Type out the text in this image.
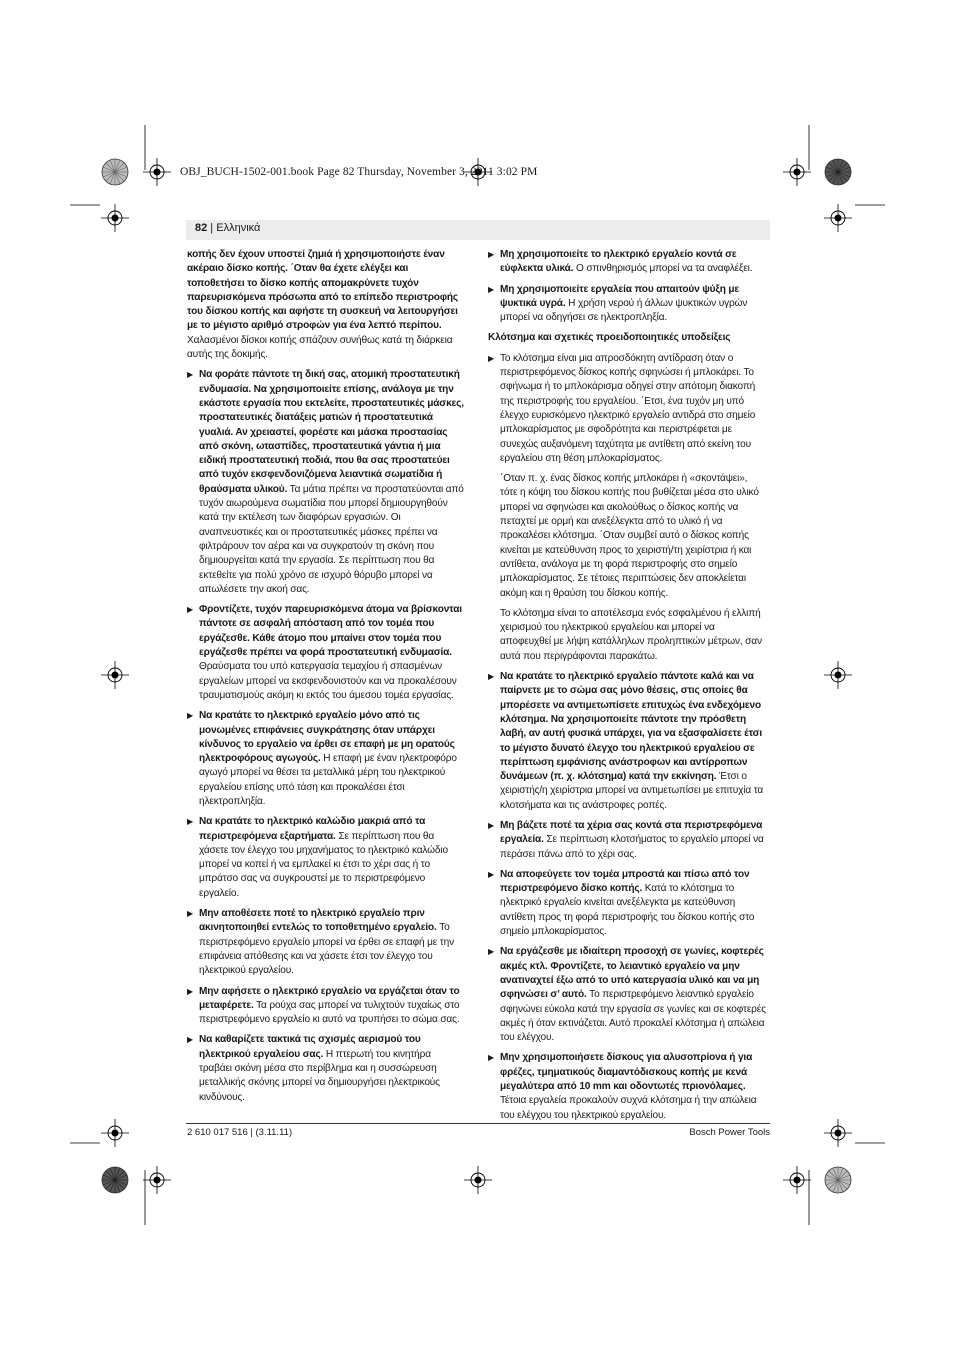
OBJ_BUCH-1502-001.book Page 82 Thursday, November 3, 2011 3:02 PM
82 | Ελληνικά

κοπής δεν έχουν υποστεί ζημιά ή χρησιμοποιήστε έναν ακέραιο δίσκο κοπής. ΄Οταν θα έχετε ελέγξει και τοποθετήσει το δίσκο κοπής απομακρύνετε τυχόν παρευρισκόμενα πρόσωπα από το επίπεδο περιστροφής του δίσκου κοπής και αφήστε τη συσκευή να λειτουργήσει με το μέγιστο αριθμό στροφών για ένα λεπτό περίπου. Χαλασμένοι δίσκοι κοπής σπάζουν συνήθως κατά τη διάρκεια αυτής της δοκιμής.

▶ Να φοράτε πάντοτε τη δική σας, ατομική προστατευτική ενδυμασία. Να χρησιμοποιείτε επίσης, ανάλογα με την εκάστοτε εργασία που εκτελείτε, προστατευτικές μάσκες, προστατευτικές διατάξεις ματιών ή προστατευτικά γυαλιά. Αν χρειαστεί, φορέστε και μάσκα προστασίας από σκόνη, ωτασπίδες, προστατευτικά γάντια ή μια ειδική προστατευτική ποδιά, που θα σας προστατεύει από τυχόν εκσφενδονιζόμενα λειαντικά σωματίδια ή θραύσματα υλικού. Τα μάτια πρέπει να προστατεύονται από τυχόν αιωρούμενα σωματίδια που μπορεί δημιουργηθούν κατά την εκτέλεση των διαφόρων εργασιών. Οι αναπνευστικές και οι προστατευτικές μάσκες πρέπει να φιλτράρουν τον αέρα και να συγκρατούν τη σκόνη που δημιουργείται κατά την εργασία. Σε περίπτωση που θα εκτεθείτε για πολύ χρόνο σε ισχυρό θόρυβο μπορεί να απωλέσετε την ακοή σας.
▶ Φροντίζετε, τυχόν παρευρισκόμενα άτομα να βρίσκονται πάντοτε σε ασφαλή απόσταση από τον τομέα που εργάζεσθε. Κάθε άτομο που μπαίνει στον τομέα που εργάζεσθε πρέπει να φορά προστατευτική ενδυμασία. Θραύσματα του υπό κατεργασία τεμαχίου ή σπασμένων εργαλείων μπορεί να εκσφενδονιστούν και να προκαλέσουν τραυματισμούς ακόμη κι εκτός του άμεσου τομέα εργασίας.
▶ Να κρατάτε το ηλεκτρικό εργαλείο μόνο από τις μονωμένες επιφάνειες συγκράτησης όταν υπάρχει κίνδυνος το εργαλείο να έρθει σε επαφή με μη ορατούς ηλεκτροφόρους αγωγούς. Η επαφή με έναν ηλεκτροφόρο αγωγό μπορεί να θέσει τα μεταλλικά μέρη του ηλεκτρικού εργαλείου επίσης υπό τάση και προκαλέσει έτσι ηλεκτροπληξία.
▶ Να κρατάτε το ηλεκτρικό καλώδιο μακριά από τα περιστρεφόμενα εξαρτήματα. Σε περίπτωση που θα χάσετε τον έλεγχο του μηχανήματος το ηλεκτρικό καλώδιο μπορεί να κοπεί ή να εμπλακεί κι έτσι το χέρι σας ή το μπράτσο σας να συγκρουστεί με το περιστρεφόμενο εργαλείο.
▶ Μην αποθέσετε ποτέ το ηλεκτρικό εργαλείο πριν ακινητοποιηθεί εντελώς το τοποθετημένο εργαλείο. Το περιστρεφόμενο εργαλείο μπορεί να έρθει σε επαφή με την επιφάνεια απόθεσης και να χάσετε έτσι τον έλεγχο του ηλεκτρικού εργαλείου.
▶ Μην αφήσετε ο ηλεκτρικό εργαλείο να εργάζεται όταν το μεταφέρετε. Τα ρούχα σας μπορεί να τυλιχτούν τυχαίως στο περιστρεφόμενο εργαλείο κι αυτό να τρυπήσει το σώμα σας.
▶ Να καθαρίζετε τακτικά τις σχισμές αερισμού του ηλεκτρικού εργαλείου σας. Η πτερωτή του κινητήρα τραβάει σκόνη μέσα στο περίβλημα και η συσσώρευση μεταλλικής σκόνης μπορεί να δημιουργήσει ηλεκτρικούς κινδύνους.
▶ Μη χρησιμοποιείτε το ηλεκτρικό εργαλείο κοντά σε εύφλεκτα υλικά. Ο σπινθηρισμός μπορεί να τα αναφλέξει.
▶ Μη χρησιμοποιείτε εργαλεία που απαιτούν ψύξη με ψυκτικά υγρά. Η χρήση νερού ή άλλων ψυκτικών υγρών μπορεί να οδηγήσει σε ηλεκτροπληξία.
Κλότσημα και σχετικές προειδοποιητικές υποδείξεις
▶ Το κλότσημα είναι μια απροσδόκητη αντίδραση όταν ο περιστρεφόμενος δίσκος κοπής σφηνώσει ή μπλοκάρει. Το σφήνωμα ή το μπλοκάρισμα οδηγεί στην απότομη διακοπή της περιστροφής του εργαλείου. ΄Ετσι, ένα τυχόν μη υπό έλεγχο ευρισκόμενο ηλεκτρικό εργαλείο αντιδρά στο σημείο μπλοκαρίσματος με σφοδρότητα και περιστρέφεται με συνεχώς αυξανόμενη ταχύτητα με αντίθετη από εκείνη του εργαλείου στη θέση μπλοκαρίσματος.

΄Οταν π. χ. ένας δίσκος κοπής μπλοκάρει ή «σκοντάψει», τότε η κόψη του δίσκου κοπής που βυθίζεται μέσα στο υλικό μπορεί να σφηνώσει και ακολούθως ο δίσκος κοπής να πεταχτεί με ορμή και ανεξέλεγκτα από το υλικό ή να προκαλέσει κλότσημα. ΄Οταν συμβεί αυτό ο δίσκος κοπής κινείται με κατεύθυνση προς το χειριστή/τη χειρίστρια ή και αντίθετα, ανάλογα με τη φορά περιστροφής στο σημείο μπλοκαρίσματος. Σε τέτοιες περιπτώσεις δεν αποκλείεται ακόμη και η θραύση του δίσκου κοπής.

Το κλότσημα είναι το αποτέλεσμα ενός εσφαλμένου ή ελλιπή χειρισμού του ηλεκτρικού εργαλείου και μπορεί να αποφευχθεί με λήψη κατάλληλων προληπτικών μέτρων, σαν αυτά που περιγράφονται παρακάτω.

▶ Να κρατάτε το ηλεκτρικό εργαλείο πάντοτε καλά και να παίρνετε με το σώμα σας μόνο θέσεις, στις οποίες θα μπορέσετε να αντιμετωπίσετε επιτυχώς ένα ενδεχόμενο κλότσημα. Να χρησιμοποιείτε πάντοτε την πρόσθετη λαβή, αν αυτή φυσικά υπάρχει, για να εξασφαλίσετε έτσι το μέγιστο δυνατό έλεγχο του ηλεκτρικού εργαλείου σε περίπτωση εμφάνισης ανάστροφων και αντίρροπων δυνάμεων (π. χ. κλότσημα) κατά την εκκίνηση. Έτσι ο χειριστής/η χειρίστρια μπορεί να αντιμετωπίσει με επιτυχία τα κλοτσήματα και τις ανάστροφες ροπές.
▶ Μη βάζετε ποτέ τα χέρια σας κοντά στα περιστρεφόμενα εργαλεία. Σε περίπτωση κλοτσήματος το εργαλείο μπορεί να περάσει πάνω από το χέρι σας.
▶ Να αποφεύγετε τον τομέα μπροστά και πίσω από τον περιστρεφόμενο δίσκο κοπής. Κατά το κλότσημα το ηλεκτρικό εργαλείο κινείται ανεξέλεγκτα με κατεύθυνση αντίθετη προς τη φορά περιστροφής του δίσκου κοπής στο σημείο μπλοκαρίσματος.
▶ Να εργάζεσθε με ιδιαίτερη προσοχή σε γωνίες, κοφτερές ακμές κτλ. Φροντίζετε, το λειαντικό εργαλείο να μην ανατιναχτεί έξω από το υπό κατεργασία υλικό και να μη σφηνώσει σ’ αυτό. Το περιστρεφόμενο λειαντικό εργαλείο σφηνώνει εύκολα κατά την εργασία σε γωνίες και σε κοφτερές ακμές ή όταν εκτινάζεται. Αυτό προκαλεί κλότσημα ή απώλεια του ελέγχου.
▶ Μην χρησιμοποιήσετε δίσκους για αλυσοπρίονα ή για φρέζες, τμηματικούς διαμαντόδισκους κοπής με κενά μεγαλύτερα από 10 mm και οδοντωτές πριονόλαμες. Τέτοια εργαλεία προκαλούν συχνά κλότσημα ή την απώλεια του ελέγχου του ηλεκτρικού εργαλείου.
2 610 017 516 | (3.11.11)	Bosch Power Tools
